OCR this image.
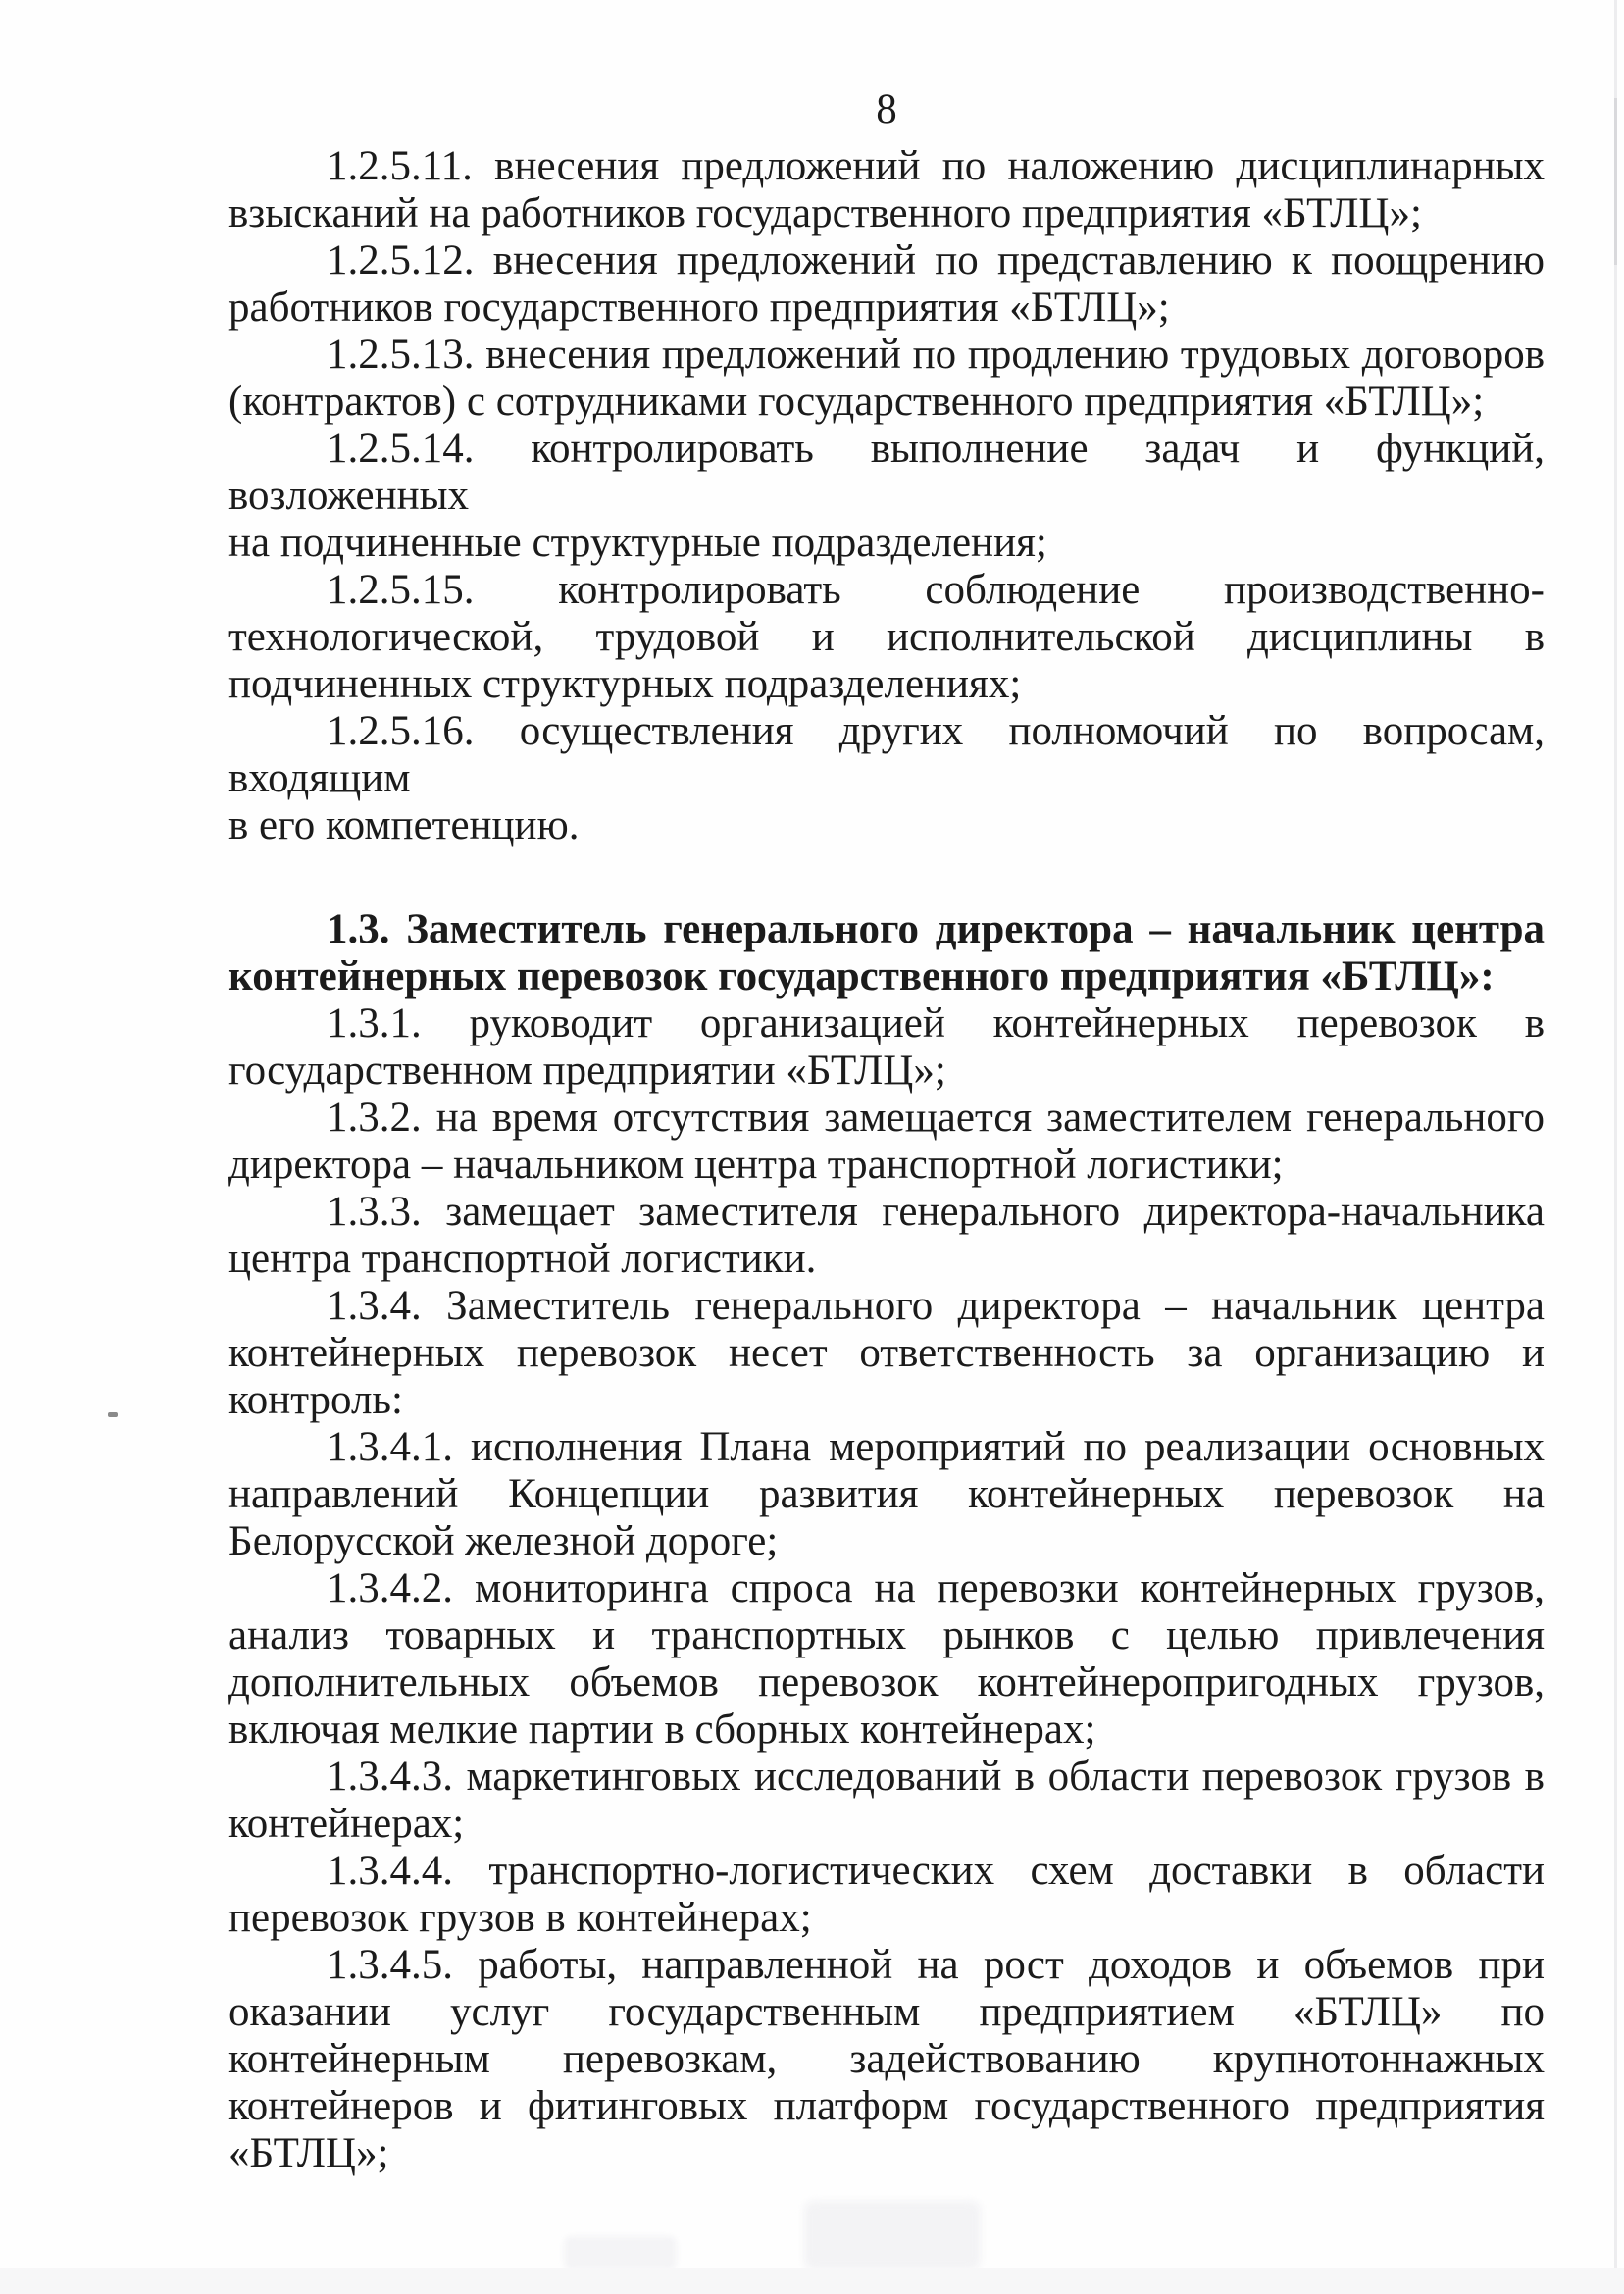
8

1.2.5.11. внесения предложений по наложению дисциплинарных
взысканий на работников государственного предприятия «БТЛЦ»;

1.2.5.12. внесения предложений по представлению к поощрению
работников государственного предприятия «БТЛЦ»;

1.2.5.13. внесения предложений по продлению трудовых договоров
(контрактов) с сотрудниками государственного предприятия «БТЛЦ»;

1.2.5.14. контролировать выполнение задач и функций, возложенных
на подчиненные структурные подразделения;

1.2.5.15. контролировать соблюдение производственно-
технологической, трудовой и исполнительской дисциплины в
подчиненных структурных подразделениях;

1.2.5.16. осуществления других полномочий по вопросам, входящим
в его компетенцию.

1.3. Заместитель генерального директора – начальник центра
контейнерных перевозок государственного предприятия «БТЛЦ»:

1.3.1. руководит организацией контейнерных перевозок в
государственном предприятии «БТЛЦ»;

1.3.2. на время отсутствия замещается заместителем генерального
директора – начальником центра транспортной логистики;

1.3.3. замещает заместителя генерального директора-начальника
центра транспортной логистики.

1.3.4. Заместитель генерального директора – начальник центра
контейнерных перевозок несет ответственность за организацию и
контроль:

1.3.4.1. исполнения Плана мероприятий по реализации основных
направлений Концепции развития контейнерных перевозок на
Белорусской железной дороге;

1.3.4.2. мониторинга спроса на перевозки контейнерных грузов,
анализ товарных и транспортных рынков с целью привлечения
дополнительных объемов перевозок контейнеропригодных грузов,
включая мелкие партии в сборных контейнерах;

1.3.4.3. маркетинговых исследований в области перевозок грузов в
контейнерах;

1.3.4.4. транспортно-логистических схем доставки в области
перевозок грузов в контейнерах;

1.3.4.5. работы, направленной на рост доходов и объемов при
оказании услуг государственным предприятием «БТЛЦ» по
контейнерным перевозкам, задействованию крупнотоннажных
контейнеров и фитинговых платформ государственного предприятия
«БТЛЦ»;
